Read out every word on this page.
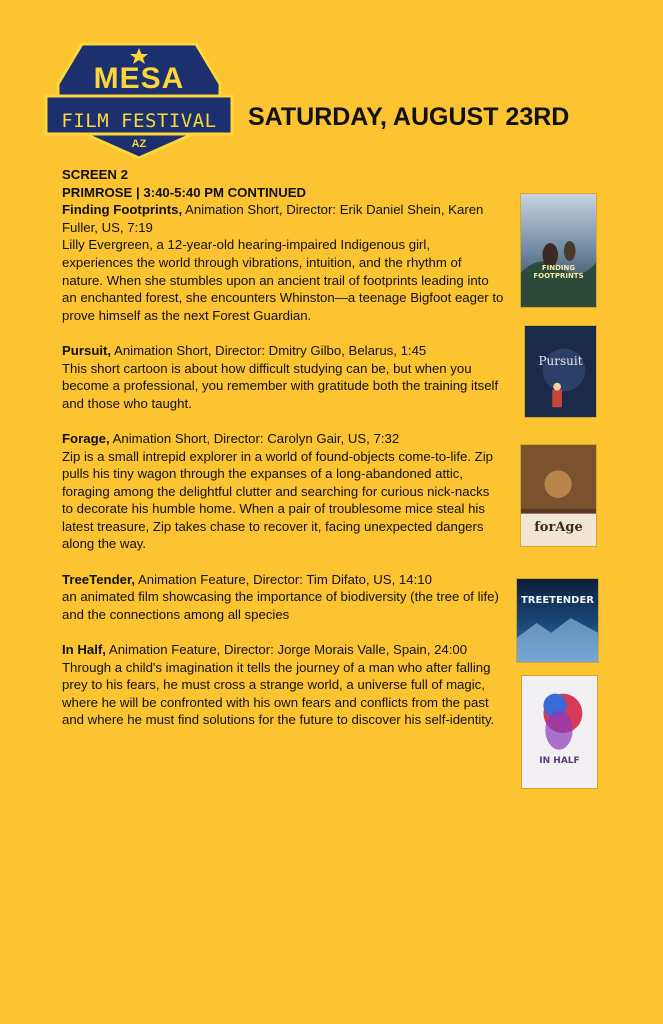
MESA
FILM FESTIVAL
AZ
SATURDAY, AUGUST 23RD
SCREEN 2
PRIMROSE | 3:40-5:40 PM CONTINUED
Finding Footprints, Animation Short, Director: Erik Daniel Shein, Karen Fuller, US, 7:19
Lilly Evergreen, a 12-year-old hearing-impaired Indigenous girl, experiences the world through vibrations, intuition, and the rhythm of nature. When she stumbles upon an ancient trail of footprints leading into an enchanted forest, she encounters Whinston—a teenage Bigfoot eager to prove himself as the next Forest Guardian.
Pursuit, Animation Short, Director: Dmitry Gilbo, Belarus, 1:45
This short cartoon is about how difficult studying can be, but when you become a professional, you remember with gratitude both the training itself and those who taught.
Forage, Animation Short, Director: Carolyn Gair, US, 7:32
Zip is a small intrepid explorer in a world of found-objects come-to-life. Zip pulls his tiny wagon through the expanses of a long-abandoned attic, foraging among the delightful clutter and searching for curious nick-nacks to decorate his humble home. When a pair of troublesome mice steal his latest treasure, Zip takes chase to recover it, facing unexpected dangers along the way.
TreeTender, Animation Feature, Director: Tim Difato, US, 14:10
an animated film showcasing the importance of biodiversity (the tree of life) and the connections among all species
In Half, Animation Feature, Director: Jorge Morais Valle, Spain, 24:00
Through a child's imagination it tells the journey of a man who after falling prey to his fears, he must cross a strange world, a universe full of magic, where he will be confronted with his own fears and conflicts from the past and where he must find solutions for the future to discover his self-identity.
FINDING FOOTPRINTS
Pursuit
forAge
TREETENDER
IN HALF
